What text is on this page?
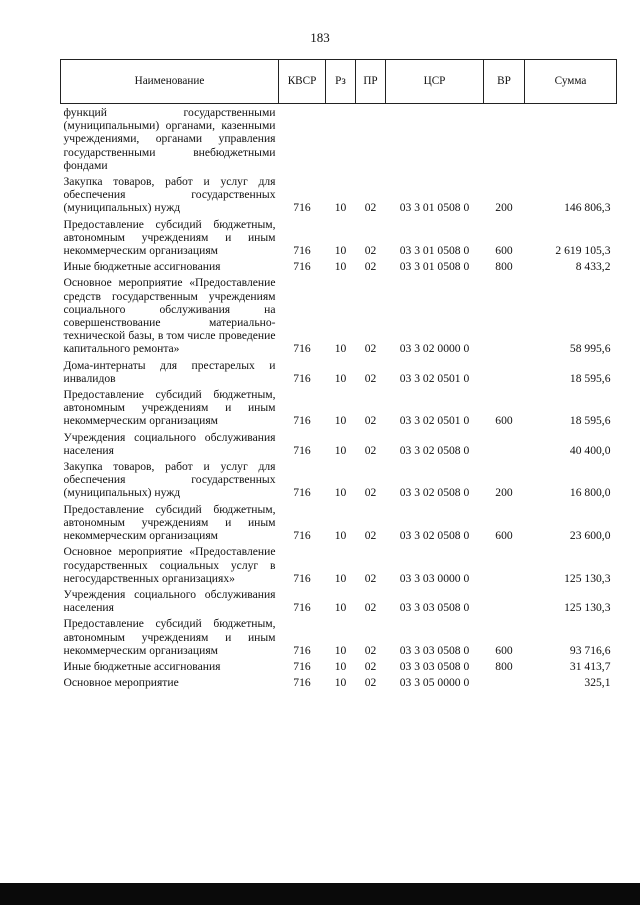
183
Наименование	КВСР	Рз	ПР	ЦСР	ВР	Сумма
функций государственными (муниципальными) органами, казенными учреждениями, органами управления государственными внебюджетными фондами						
Закупка товаров, работ и услуг для обеспечения государственных (муниципальных) нужд	716	10	02	03 3 01 0508 0	200	146 806,3
Предоставление субсидий бюджетным, автономным учреждениям и иным некоммерческим организациям	716	10	02	03 3 01 0508 0	600	2 619 105,3
Иные бюджетные ассигнования	716	10	02	03 3 01 0508 0	800	8 433,2
Основное мероприятие «Предоставление средств государственным учреждениям социального обслуживания на совершенствование материально-технической базы, в том числе проведение капитального ремонта»	716	10	02	03 3 02 0000 0		58 995,6
Дома-интернаты для престарелых и инвалидов	716	10	02	03 3 02 0501 0		18 595,6
Предоставление субсидий бюджетным, автономным учреждениям и иным некоммерческим организациям	716	10	02	03 3 02 0501 0	600	18 595,6
Учреждения социального обслуживания населения	716	10	02	03 3 02 0508 0		40 400,0
Закупка товаров, работ и услуг для обеспечения государственных (муниципальных) нужд	716	10	02	03 3 02 0508 0	200	16 800,0
Предоставление субсидий бюджетным, автономным учреждениям и иным некоммерческим организациям	716	10	02	03 3 02 0508 0	600	23 600,0
Основное мероприятие «Предоставление государственных социальных услуг в негосударственных организациях»	716	10	02	03 3 03 0000 0		125 130,3
Учреждения социального обслуживания населения	716	10	02	03 3 03 0508 0		125 130,3
Предоставление субсидий бюджетным, автономным учреждениям и иным некоммерческим организациям	716	10	02	03 3 03 0508 0	600	93 716,6
Иные бюджетные ассигнования	716	10	02	03 3 03 0508 0	800	31 413,7
Основное мероприятие	716	10	02	03 3 05 0000 0		325,1
